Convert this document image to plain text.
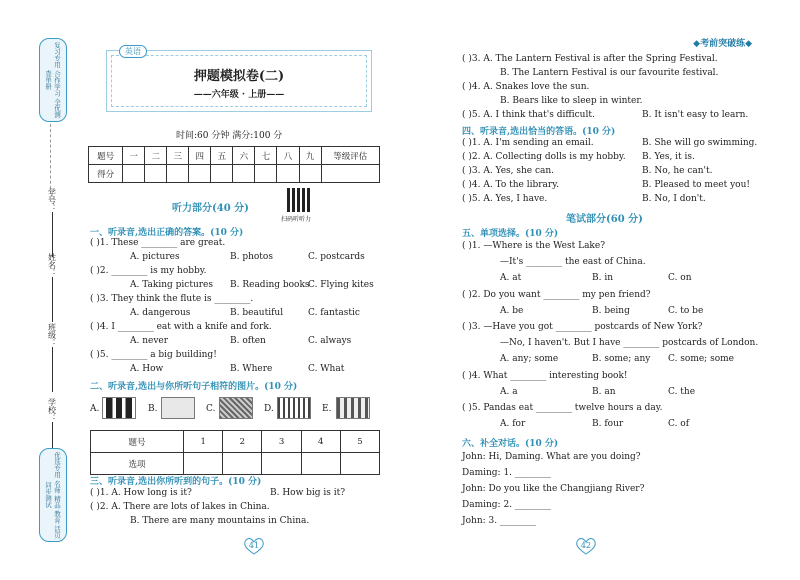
◆考前突破练◆
复习专用 合作学习 全优测查单册
学号：
姓名：
班级：
学校：
优选专用 名师 精品 教育 活页 同步测试
英语
押题模拟卷(二)
——六年级 · 上册——
时间:60 分钟 满分:100 分
题号	一	二	三	四	五	六	七	八	九	等级评估
得分										
听力部分(40 分)
扫码听听力
一、听录音,选出正确的答案。(10 分)
( )1. These ________ are great.
A. pictures	B. photos	C. postcards
( )2. ________ is my hobby.
A. Taking pictures B. Reading books
C. Flying kites
( )3. They think the flute is ________.
A. dangerous	B. beautiful	C. fantastic
( )4. I ________ eat with a knife and fork.
A. never	B. often	C. always
( )5. ________ a big building!
A. How	B. Where	C. What
二、听录音,选出与你所听句子相符的图片。(10 分)
A.	B.	C.	D.	E.
题号	1	2	3	4	5
选项					
三、听录音,选出你所听到的句子。(10 分)
( )1. A. How long is it?	B. How big is it?
( )2. A. There are lots of lakes in China.
B. There are many mountains in China.
41
( )3. A. The Lantern Festival is after the Spring Festival.
B. The Lantern Festival is our favourite festival.
( )4. A. Snakes love the sun.
B. Bears like to sleep in winter.
( )5. A. I think that's difficult.	B. It isn't easy to learn.
四、听录音,选出恰当的答语。(10 分)
( )1. A. I'm sending an email.	B. She will go swimming.
( )2. A. Collecting dolls is my hobby. B. Yes, it is.
( )3. A. Yes, she can.	B. No, he can't.
( )4. A. To the library.	B. Pleased to meet you!
( )5. A. Yes, I have.	B. No, I don't.
笔试部分(60 分)
五、单项选择。(10 分)
( )1. —Where is the West Lake?
—It's ________ the east of China.
A. at	B. in	C. on
( )2. Do you want ________ my pen friend?
A. be	B. being	C. to be
( )3. —Have you got ________ postcards of New York?
—No, I haven't. But I have ________ postcards of London.
A. any; some	B. some; any C. some; some
( )4. What ________ interesting book!
A. a	B. an	C. the
( )5. Pandas eat ________ twelve hours a day.
A. for	B. four	C. of
六、补全对话。(10 分)
John: Hi, Daming. What are you doing?
Daming: 1. ________
John: Do you like the Changjiang River?
Daming: 2. ________
John: 3. ________
42
